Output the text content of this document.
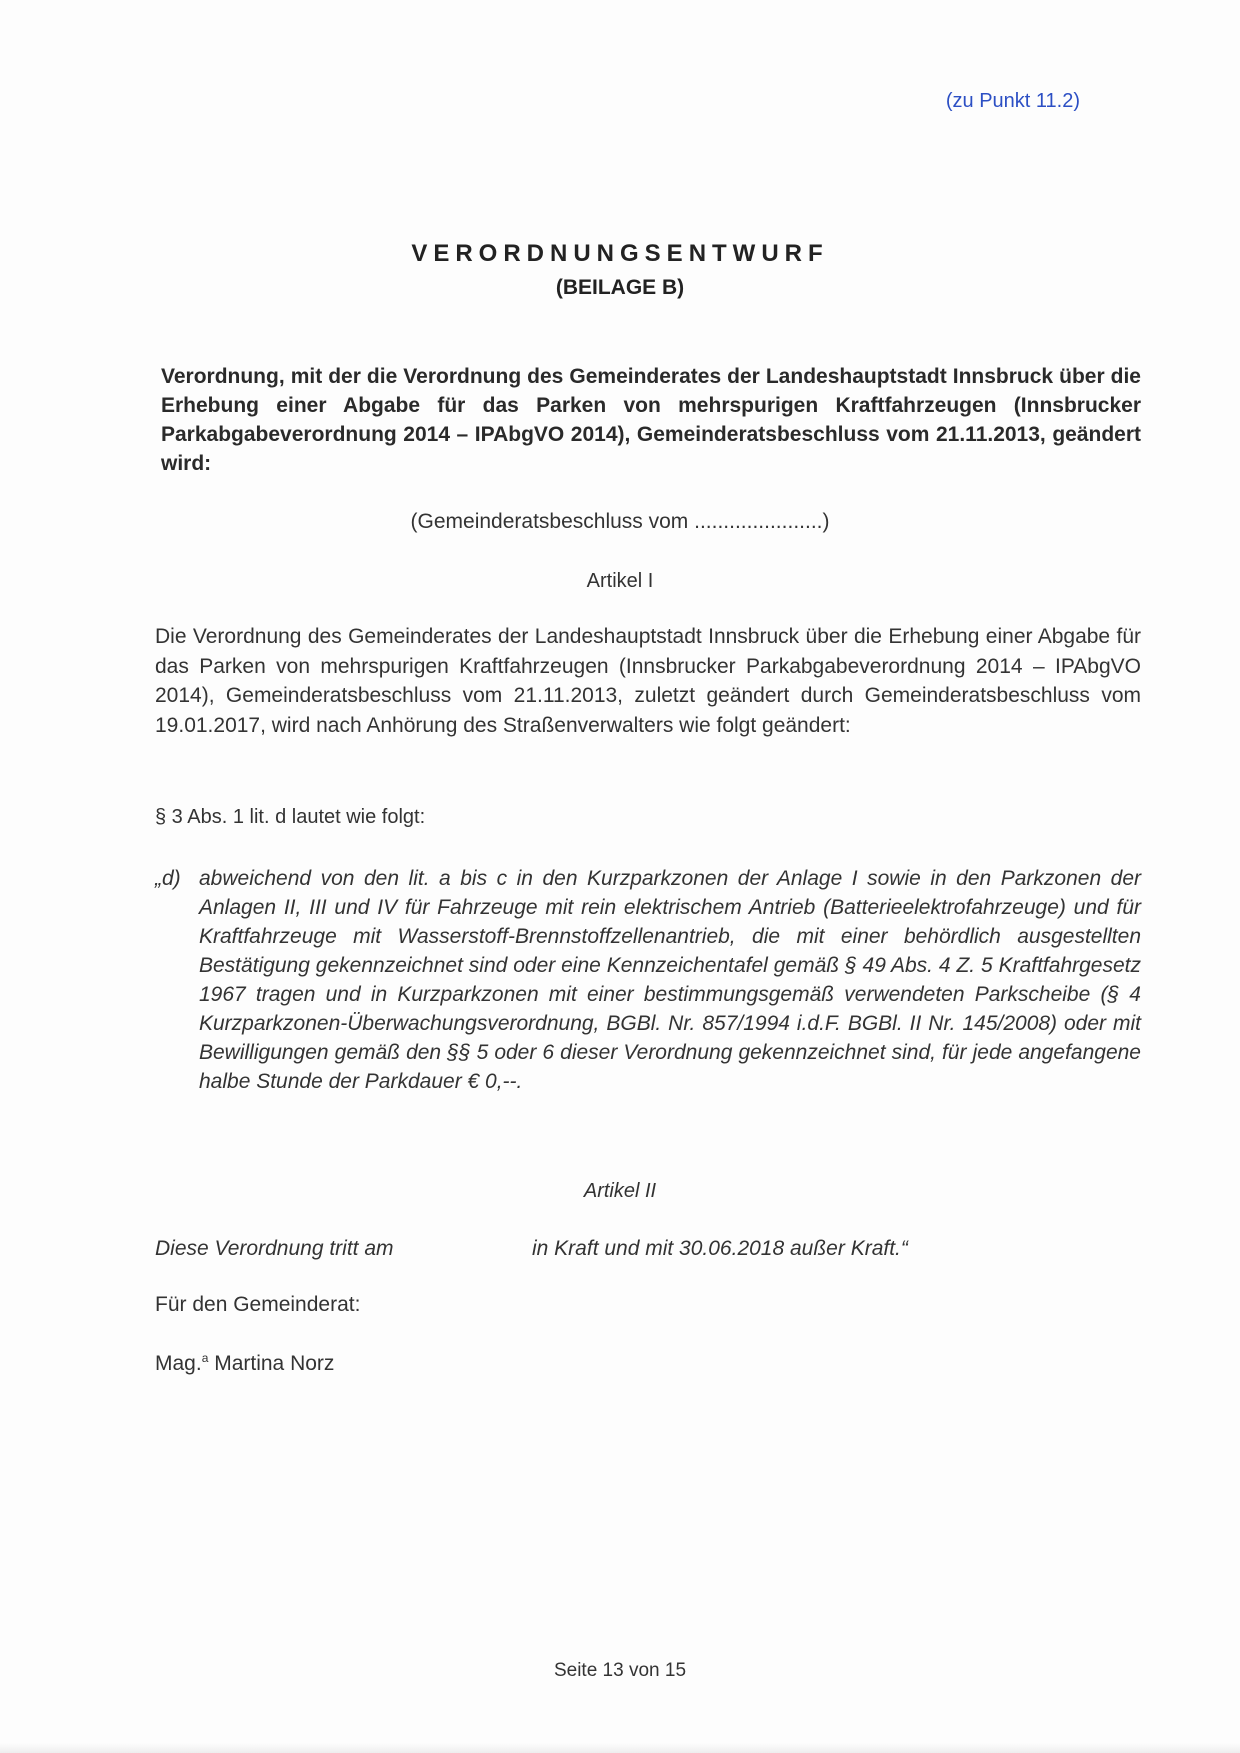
(zu Punkt 11.2)
VERORDNUNGSENTWURF
(BEILAGE B)
Verordnung, mit der die Verordnung des Gemeinderates der Landeshauptstadt Innsbruck über die Erhebung einer Abgabe für das Parken von mehrspurigen Kraftfahrzeugen (Innsbrucker Parkabgabeverordnung 2014 – IPAbgVO 2014), Gemeinderatsbeschluss vom 21.11.2013, geändert wird:
(Gemeinderatsbeschluss vom ......................)
Artikel I
Die Verordnung des Gemeinderates der Landeshauptstadt Innsbruck über die Erhebung einer Abgabe für das Parken von mehrspurigen Kraftfahrzeugen (Innsbrucker Parkabgabeverordnung 2014 – IPAbgVO 2014), Gemeinderatsbeschluss vom 21.11.2013, zuletzt geändert durch Gemeinderatsbeschluss vom 19.01.2017, wird nach Anhörung des Straßenverwalters wie folgt geändert:
§ 3 Abs. 1 lit. d lautet wie folgt:
„d) abweichend von den lit. a bis c in den Kurzparkzonen der Anlage I sowie in den Parkzonen der Anlagen II, III und IV für Fahrzeuge mit rein elektrischem Antrieb (Batterieelektrofahrzeuge) und für Kraftfahrzeuge mit Wasserstoff-Brennstoffzellenantrieb, die mit einer behördlich ausgestellten Bestätigung gekennzeichnet sind oder eine Kennzeichentafel gemäß § 49 Abs. 4 Z. 5 Kraftfahrgesetz 1967 tragen und in Kurzparkzonen mit einer bestimmungsgemäß verwendeten Parkscheibe (§ 4 Kurzparkzonen-Überwachungsverordnung, BGBl. Nr. 857/1994 i.d.F. BGBl. II Nr. 145/2008) oder mit Bewilligungen gemäß den §§ 5 oder 6 dieser Verordnung gekennzeichnet sind, für jede angefangene halbe Stunde der Parkdauer € 0,--.
Artikel II
Diese Verordnung tritt am	in Kraft und mit 30.06.2018 außer Kraft.“
Für den Gemeinderat:
Mag.$^a$ Martina Norz
Seite 13 von 15
